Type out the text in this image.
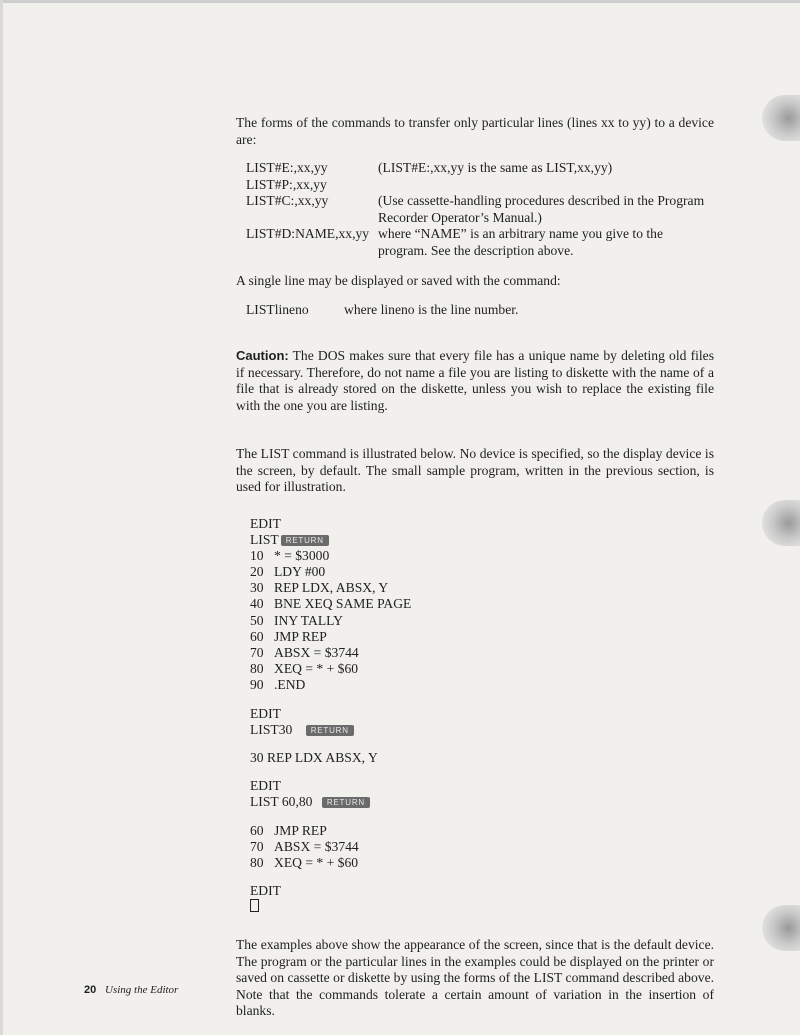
The forms of the commands to transfer only particular lines (lines xx to yy) to a device are:

LIST#E:,xx,yy	(LIST#E:,xx,yy is the same as LIST,xx,yy)
LIST#P:,xx,yy
LIST#C:,xx,yy	(Use cassette-handling procedures described in the Program Recorder Operator’s Manual.)
LIST#D:NAME,xx,yy where “NAME” is an arbitrary name you give to the program. See the description above.

A single line may be displayed or saved with the command:

LISTlineno	where lineno is the line number.

Caution: The DOS makes sure that every file has a unique name by deleting old files if necessary. Therefore, do not name a file you are listing to diskette with the name of a file that is already stored on the diskette, unless you wish to replace the existing file with the one you are listing.

The LIST command is illustrated below. No device is specified, so the display device is the screen, by default. The small sample program, written in the previous section, is used for illustration.

EDIT
LIST RETURN
10 * = $3000
20 LDY #00
30 REP LDX, ABSX, Y
40 BNE XEQ SAME PAGE
50 INY TALLY
60 JMP REP
70 ABSX = $3744
80 XEQ = * + $60
90 .END
EDIT
LIST30 RETURN
30 REP LDX ABSX, Y
EDIT
LIST 60,80 RETURN
60 JMP REP
70 ABSX = $3744
80 XEQ = * + $60
EDIT

The examples above show the appearance of the screen, since that is the default device. The program or the particular lines in the examples could be displayed on the printer or saved on cassette or diskette by using the forms of the LIST command described above. Note that the commands tolerate a certain amount of variation in the insertion of blanks.

20 Using the Editor
